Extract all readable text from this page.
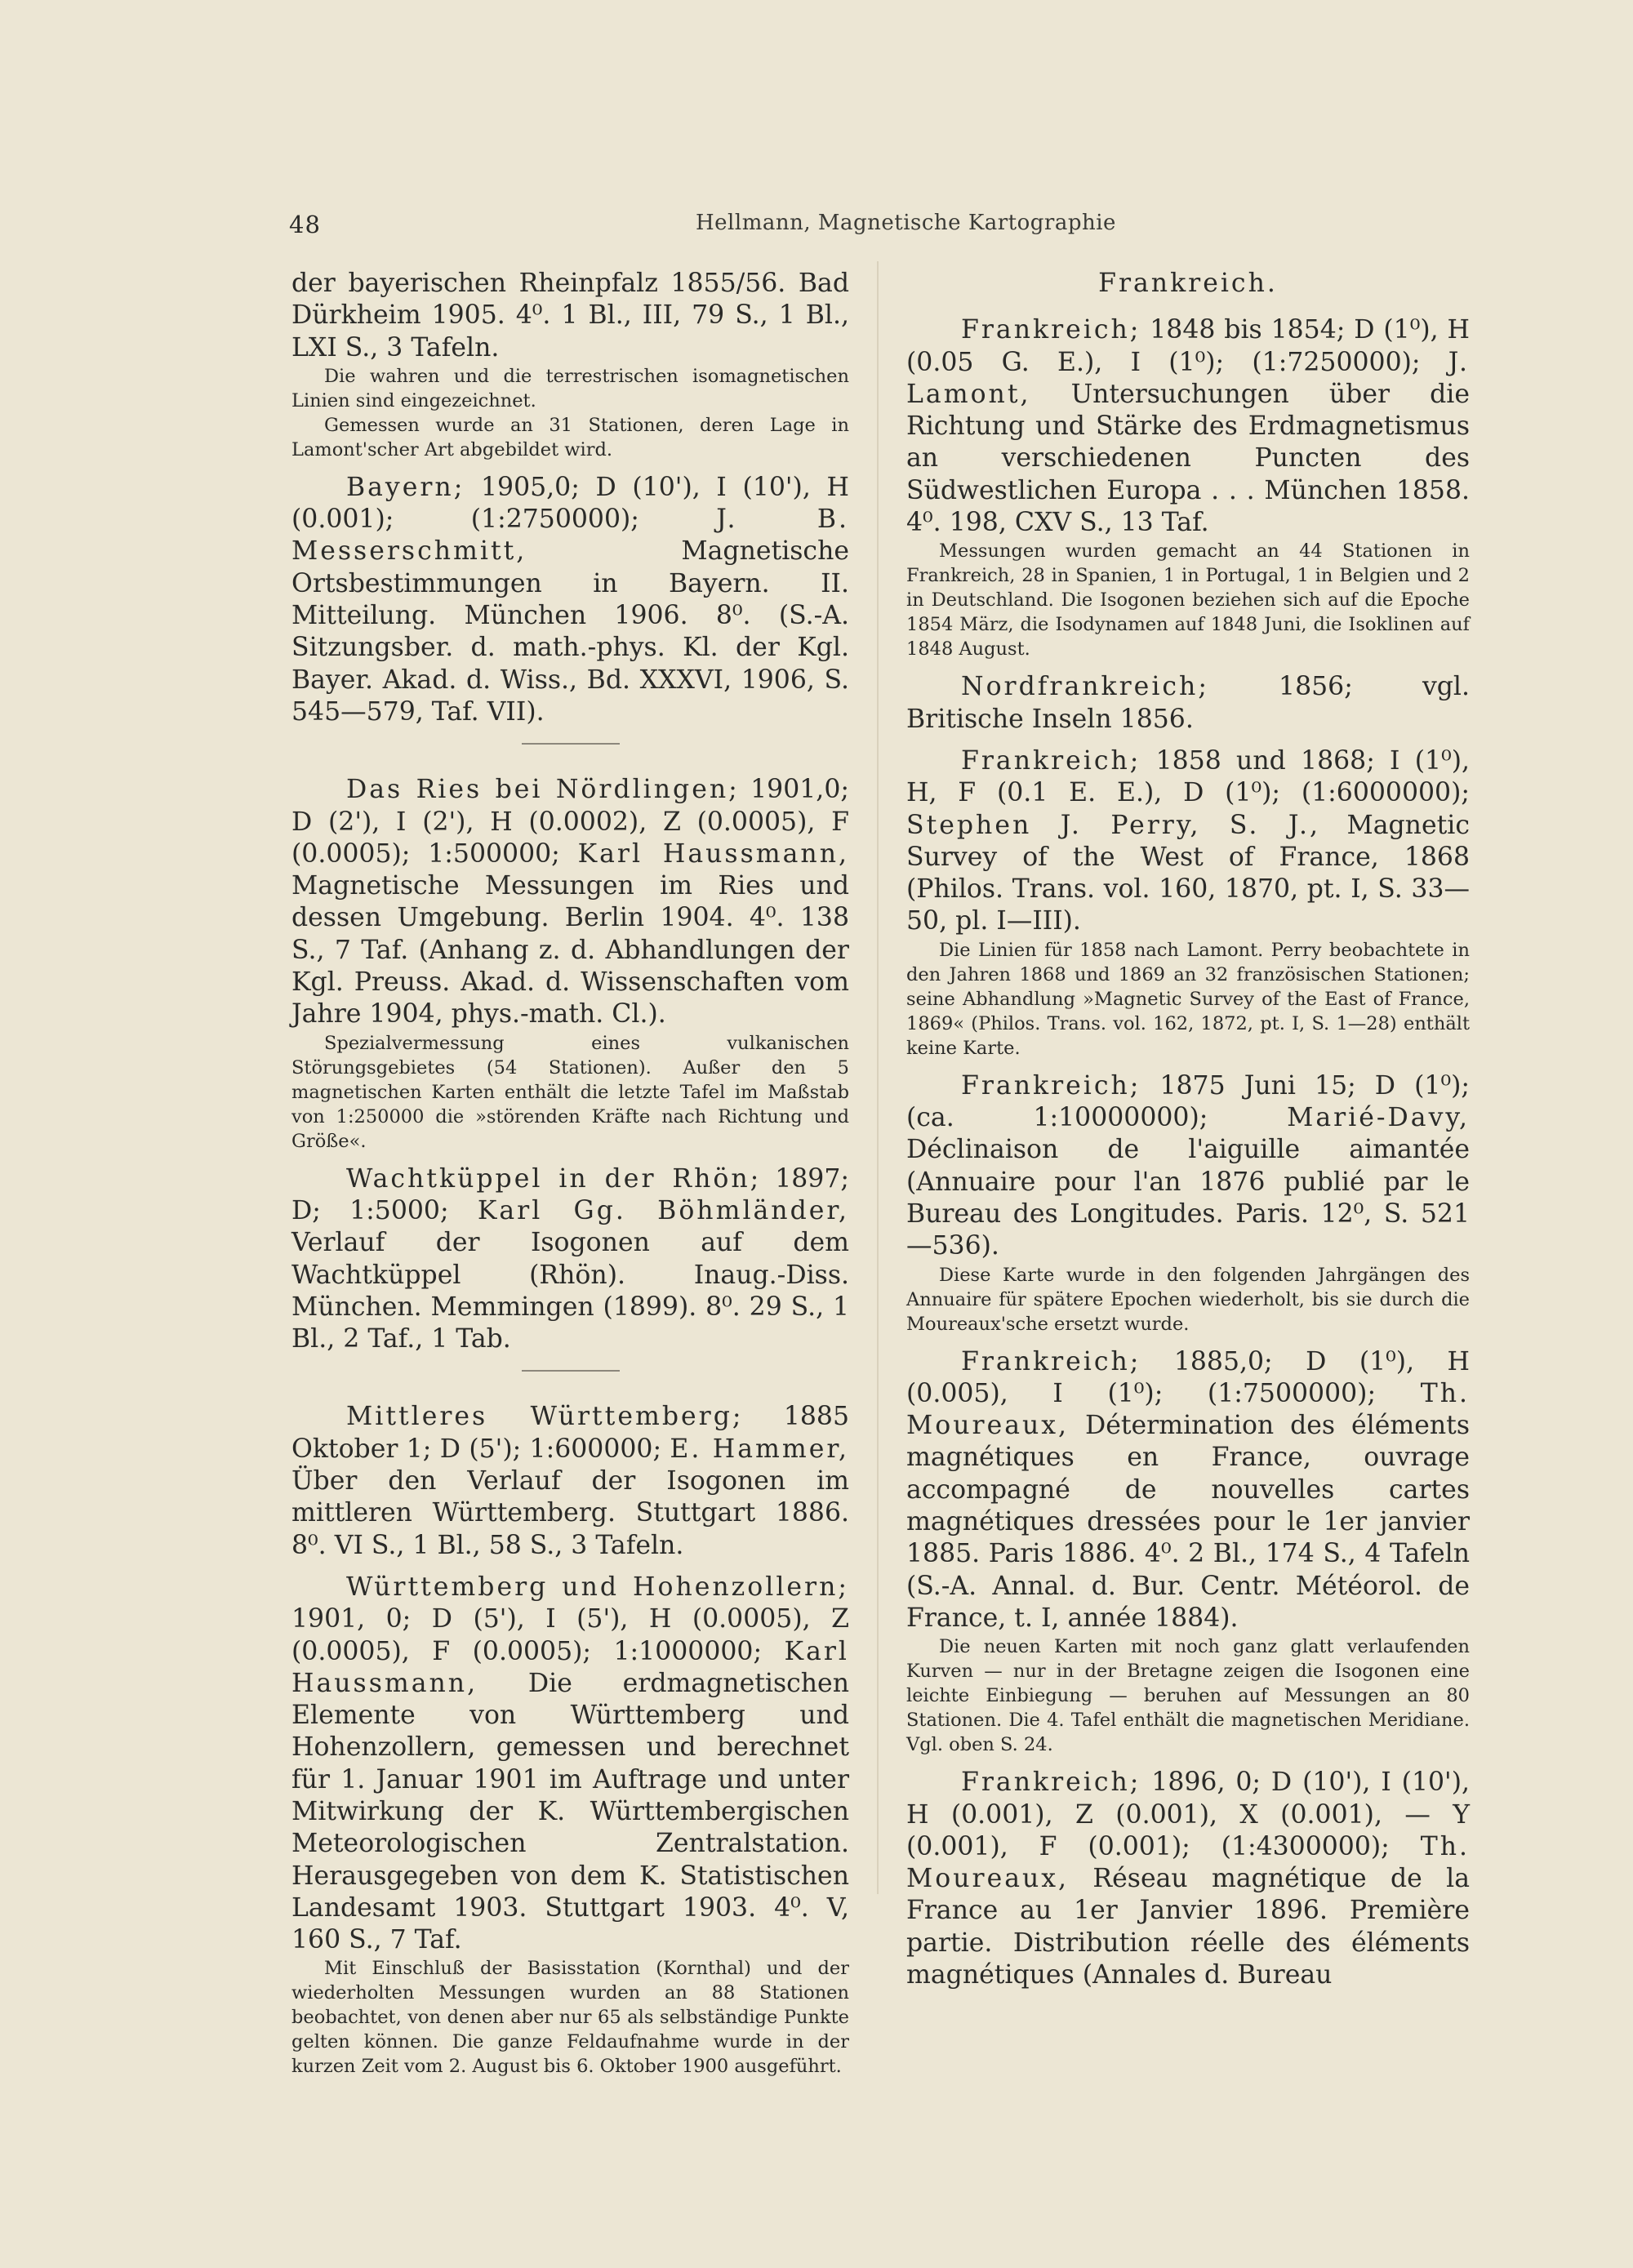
48	Hellmann, Magnetische Kartographie

der bayerischen Rheinpfalz 1855/56. Bad Dürkheim 1905. 4⁰. 1 Bl., III, 79 S., 1 Bl., LXI S., 3 Tafeln.

Die wahren und die terrestrischen isomagnetischen Linien sind eingezeichnet.

Gemessen wurde an 31 Stationen, deren Lage in Lamont'scher Art abgebildet wird.

Bayern; 1905,0; D (10'), I (10'), H (0.001); (1:2750000); J. B. Messerschmitt, Magnetische Ortsbestimmungen in Bayern. II. Mitteilung. München 1906. 8⁰. (S.-A. Sitzungsber. d. math.-phys. Kl. der Kgl. Bayer. Akad. d. Wiss., Bd. XXXVI, 1906, S. 545—579, Taf. VII).

Das Ries bei Nördlingen; 1901,0; D (2'), I (2'), H (0.0002), Z (0.0005), F (0.0005); 1:500000; Karl Haussmann, Magnetische Messungen im Ries und dessen Umgebung. Berlin 1904. 4⁰. 138 S., 7 Taf. (Anhang z. d. Abhandlungen der Kgl. Preuss. Akad. d. Wissenschaften vom Jahre 1904, phys.-math. Cl.).

Spezialvermessung eines vulkanischen Störungsgebietes (54 Stationen). Außer den 5 magnetischen Karten enthält die letzte Tafel im Maßstab von 1:250000 die »störenden Kräfte nach Richtung und Größe«.

Wachtküppel in der Rhön; 1897; D; 1:5000; Karl Gg. Böhmländer, Verlauf der Isogonen auf dem Wachtküppel (Rhön). Inaug.-Diss. München. Memmingen (1899). 8⁰. 29 S., 1 Bl., 2 Taf., 1 Tab.

Mittleres Württemberg; 1885 Oktober 1; D (5'); 1:600000; E. Hammer, Über den Verlauf der Isogonen im mittleren Württemberg. Stuttgart 1886. 8⁰. VI S., 1 Bl., 58 S., 3 Tafeln.

Württemberg und Hohenzollern; 1901, 0; D (5'), I (5'), H (0.0005), Z (0.0005), F (0.0005); 1:1000000; Karl Haussmann, Die erdmagnetischen Elemente von Württemberg und Hohenzollern, gemessen und berechnet für 1. Januar 1901 im Auftrage und unter Mitwirkung der K. Württembergischen Meteorologischen Zentralstation. Herausgegeben von dem K. Statistischen Landesamt 1903. Stuttgart 1903. 4⁰. V, 160 S., 7 Taf.

Mit Einschluß der Basisstation (Kornthal) und der wiederholten Messungen wurden an 88 Stationen beobachtet, von denen aber nur 65 als selbständige Punkte gelten können. Die ganze Feldaufnahme wurde in der kurzen Zeit vom 2. August bis 6. Oktober 1900 ausgeführt.

Frankreich.

Frankreich; 1848 bis 1854; D (1⁰), H (0.05 G. E.), I (1⁰); (1:7250000); J. Lamont, Untersuchungen über die Richtung und Stärke des Erdmagnetismus an verschiedenen Puncten des Südwestlichen Europa . . . München 1858. 4⁰. 198, CXV S., 13 Taf.

Messungen wurden gemacht an 44 Stationen in Frankreich, 28 in Spanien, 1 in Portugal, 1 in Belgien und 2 in Deutschland. Die Isogonen beziehen sich auf die Epoche 1854 März, die Isodynamen auf 1848 Juni, die Isoklinen auf 1848 August.

Nordfrankreich; 1856; vgl. Britische Inseln 1856.

Frankreich; 1858 und 1868; I (1⁰), H, F (0.1 E. E.), D (1⁰); (1:6000000); Stephen J. Perry, S. J., Magnetic Survey of the West of France, 1868 (Philos. Trans. vol. 160, 1870, pt. I, S. 33—50, pl. I—III).

Die Linien für 1858 nach Lamont. Perry beobachtete in den Jahren 1868 und 1869 an 32 französischen Stationen; seine Abhandlung »Magnetic Survey of the East of France, 1869« (Philos. Trans. vol. 162, 1872, pt. I, S. 1—28) enthält keine Karte.

Frankreich; 1875 Juni 15; D (1⁰); (ca. 1:10000000); Marié-Davy, Déclinaison de l'aiguille aimantée (Annuaire pour l'an 1876 publié par le Bureau des Longitudes. Paris. 12⁰, S. 521—536).

Diese Karte wurde in den folgenden Jahrgängen des Annuaire für spätere Epochen wiederholt, bis sie durch die Moureaux'sche ersetzt wurde.

Frankreich; 1885,0; D (1⁰), H (0.005), I (1⁰); (1:7500000); Th. Moureaux, Détermination des éléments magnétiques en France, ouvrage accompagné de nouvelles cartes magnétiques dressées pour le 1er janvier 1885. Paris 1886. 4⁰. 2 Bl., 174 S., 4 Tafeln (S.-A. Annal. d. Bur. Centr. Météorol. de France, t. I, année 1884).

Die neuen Karten mit noch ganz glatt verlaufenden Kurven — nur in der Bretagne zeigen die Isogonen eine leichte Einbiegung — beruhen auf Messungen an 80 Stationen. Die 4. Tafel enthält die magnetischen Meridiane. Vgl. oben S. 24.

Frankreich; 1896, 0; D (10'), I (10'), H (0.001), Z (0.001), X (0.001), — Y (0.001), F (0.001); (1:4300000); Th. Moureaux, Réseau magnétique de la France au 1er Janvier 1896. Première partie. Distribution réelle des éléments magnétiques (Annales d. Bureau
